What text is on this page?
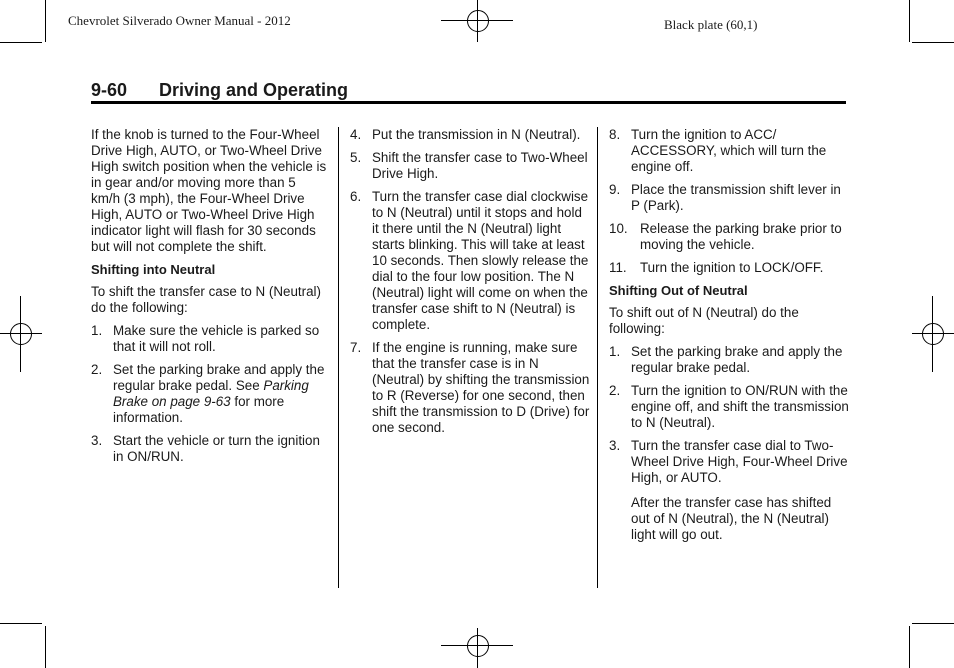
Chevrolet Silverado Owner Manual - 2012	Black plate (60,1)
9-60 Driving and Operating

If the knob is turned to the Four-Wheel Drive High, AUTO, or Two-Wheel Drive High switch position when the vehicle is in gear and/or moving more than 5 km/h (3 mph), the Four-Wheel Drive High, AUTO or Two-Wheel Drive High indicator light will flash for 30 seconds but will not complete the shift.

Shifting into Neutral

To shift the transfer case to N (Neutral) do the following:

1. Make sure the vehicle is parked so that it will not roll.
2. Set the parking brake and apply the regular brake pedal. See Parking Brake on page 9-63 for more information.
3. Start the vehicle or turn the ignition in ON/RUN.
4. Put the transmission in N (Neutral).
5. Shift the transfer case to Two-Wheel Drive High.
6. Turn the transfer case dial clockwise to N (Neutral) until it stops and hold it there until the N (Neutral) light starts blinking. This will take at least 10 seconds. Then slowly release the dial to the four low position. The N (Neutral) light will come on when the transfer case shift to N (Neutral) is complete.
7. If the engine is running, make sure that the transfer case is in N (Neutral) by shifting the transmission to R (Reverse) for one second, then shift the transmission to D (Drive) for one second.
8. Turn the ignition to ACC/ ACCESSORY, which will turn the engine off.
9. Place the transmission shift lever in P (Park).
10. Release the parking brake prior to moving the vehicle.
11. Turn the ignition to LOCK/OFF.
Shifting Out of Neutral

To shift out of N (Neutral) do the following:

1. Set the parking brake and apply the regular brake pedal.
2. Turn the ignition to ON/RUN with the engine off, and shift the transmission to N (Neutral).
3. Turn the transfer case dial to Two-Wheel Drive High, Four-Wheel Drive High, or AUTO.

After the transfer case has shifted out of N (Neutral), the N (Neutral) light will go out.
